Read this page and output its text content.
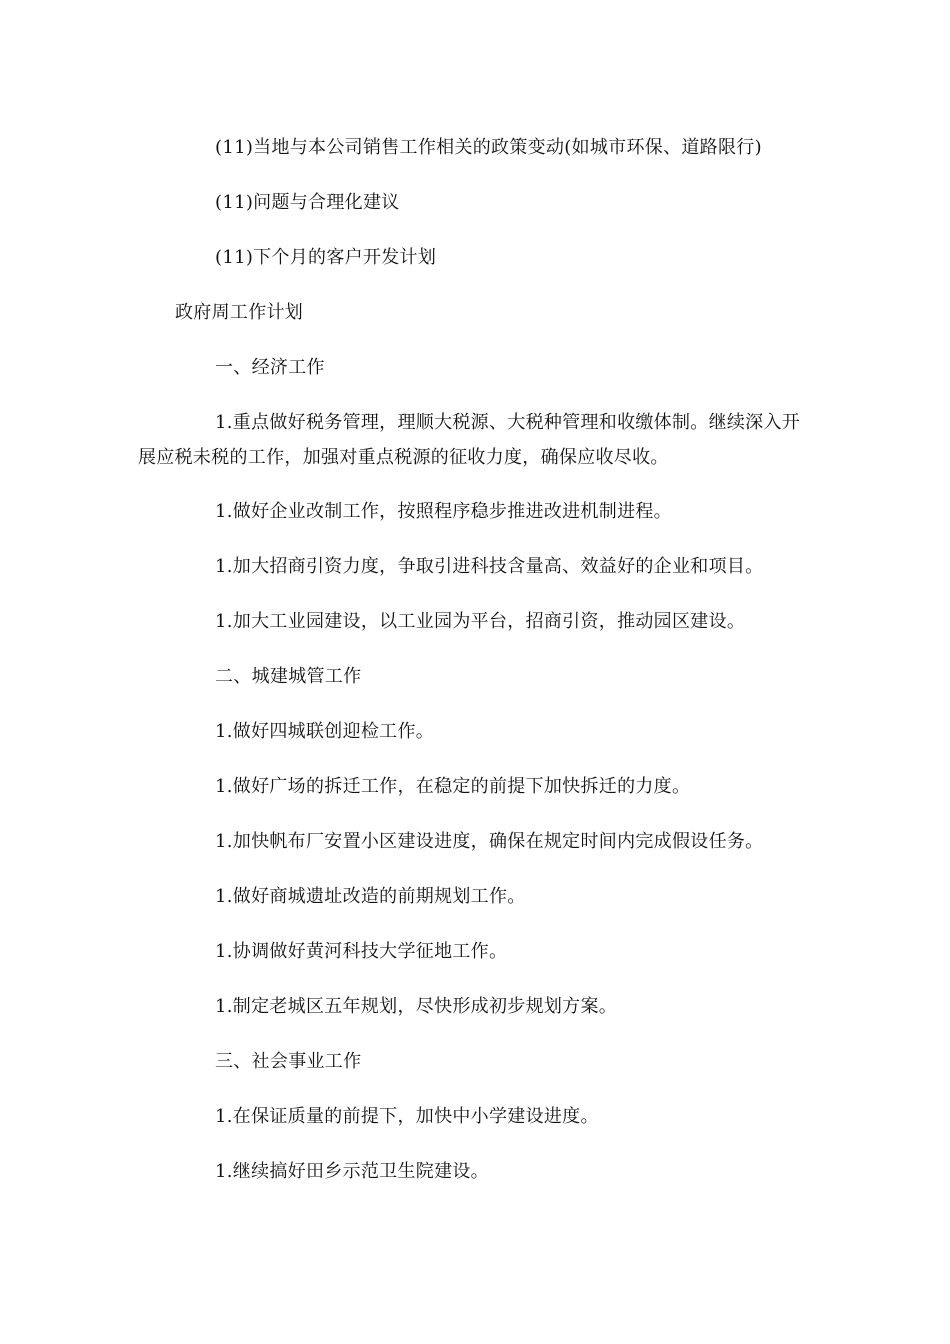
(11)当地与本公司销售工作相关的政策变动(如城市环保、道路限行)
(11)问题与合理化建议
(11)下个月的客户开发计划
政府周工作计划
一、经济工作
1.重点做好税务管理，理顺大税源、大税种管理和收缴体制。继续深入开展应税未税的工作，加强对重点税源的征收力度，确保应收尽收。
1.做好企业改制工作，按照程序稳步推进改进机制进程。
1.加大招商引资力度，争取引进科技含量高、效益好的企业和项目。
1.加大工业园建设，以工业园为平台，招商引资，推动园区建设。
二、城建城管工作
1.做好四城联创迎检工作。
1.做好广场的拆迁工作，在稳定的前提下加快拆迁的力度。
1.加快帆布厂安置小区建设进度，确保在规定时间内完成假设任务。
1.做好商城遗址改造的前期规划工作。
1.协调做好黄河科技大学征地工作。
1.制定老城区五年规划，尽快形成初步规划方案。
三、社会事业工作
1.在保证质量的前提下，加快中小学建设进度。
1.继续搞好田乡示范卫生院建设。
